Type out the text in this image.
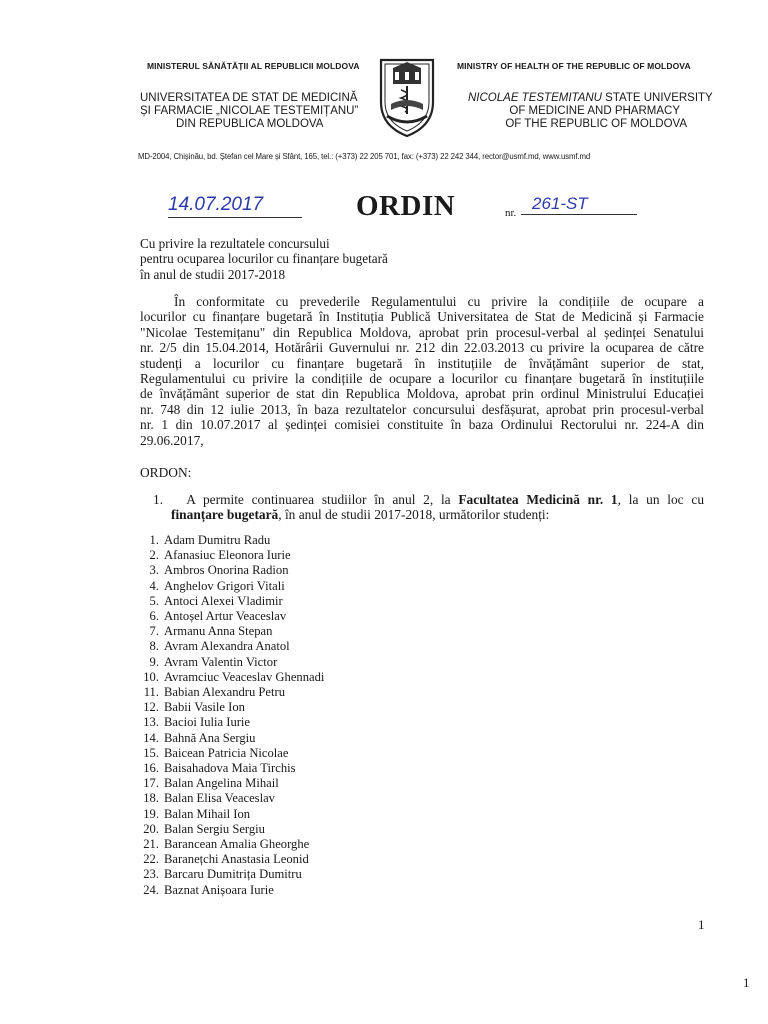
MINISTERUL SĂNĂTĂȚII AL REPUBLICII MOLDOVA	MINISTRY OF HEALTH OF THE REPUBLIC OF MOLDOVA
UNIVERSITATEA DE STAT DE MEDICINĂ
ȘI FARMACIE „NICOLAE TESTEMIȚANU”
DIN REPUBLICA MOLDOVA
NICOLAE TESTEMITANU STATE UNIVERSITY
OF MEDICINE AND PHARMACY
OF THE REPUBLIC OF MOLDOVA
MD-2004, Chișinău, bd. Ștefan cel Mare și Sfânt, 165, tel.: (+373) 22 205 701, fax: (+373) 22 242 344, rector@usmf.md, www.usmf.md
14.07.2017	ORDIN	nr. 261-ST
Cu privire la rezultatele concursului
pentru ocuparea locurilor cu finanțare bugetară
în anul de studii 2017-2018
În conformitate cu prevederile Regulamentului cu privire la condițiile de ocupare a
locurilor cu finanțare bugetară în Instituția Publică Universitatea de Stat de Medicină și Farmacie
"Nicolae Testemițanu" din Republica Moldova, aprobat prin procesul-verbal al ședinței Senatului
nr. 2/5 din 15.04.2014, Hotărârii Guvernului nr. 212 din 22.03.2013 cu privire la ocuparea de către
studenți a locurilor cu finanțare bugetară în instituțiile de învățământ superior de stat,
Regulamentului cu privire la condițiile de ocupare a locurilor cu finanțare bugetară în instituțiile
de învățământ superior de stat din Republica Moldova, aprobat prin ordinul Ministrului Educației
nr. 748 din 12 iulie 2013, în baza rezultatelor concursului desfășurat, aprobat prin procesul-verbal
nr. 1 din 10.07.2017 al ședinței comisiei constituite în baza Ordinului Rectorului nr. 224-A din
29.06.2017,
ORDON:
1. A permite continuarea studiilor în anul 2, la Facultatea Medicină nr. 1, la un loc cu
finanțare bugetară, în anul de studii 2017-2018, următorilor studenți:
1. Adam Dumitru Radu
2. Afanasiuc Eleonora Iurie
3. Ambros Onorina Radion
4. Anghelov Grigori Vitali
5. Antoci Alexei Vladimir
6. Antoșel Artur Veaceslav
7. Armanu Anna Stepan
8. Avram Alexandra Anatol
9. Avram Valentin Victor
10. Avramciuc Veaceslav Ghennadi
11. Babian Alexandru Petru
12. Babii Vasile Ion
13. Bacioi Iulia Iurie
14. Bahnă Ana Sergiu
15. Baicean Patricia Nicolae
16. Baisahadova Maia Tirchis
17. Balan Angelina Mihail
18. Balan Elisa Veaceslav
19. Balan Mihail Ion
20. Balan Sergiu Sergiu
21. Barancean Amalia Gheorghe
22. Baranețchi Anastasia Leonid
23. Barcaru Dumitrița Dumitru
24. Baznat Anișoara Iurie
1
1
